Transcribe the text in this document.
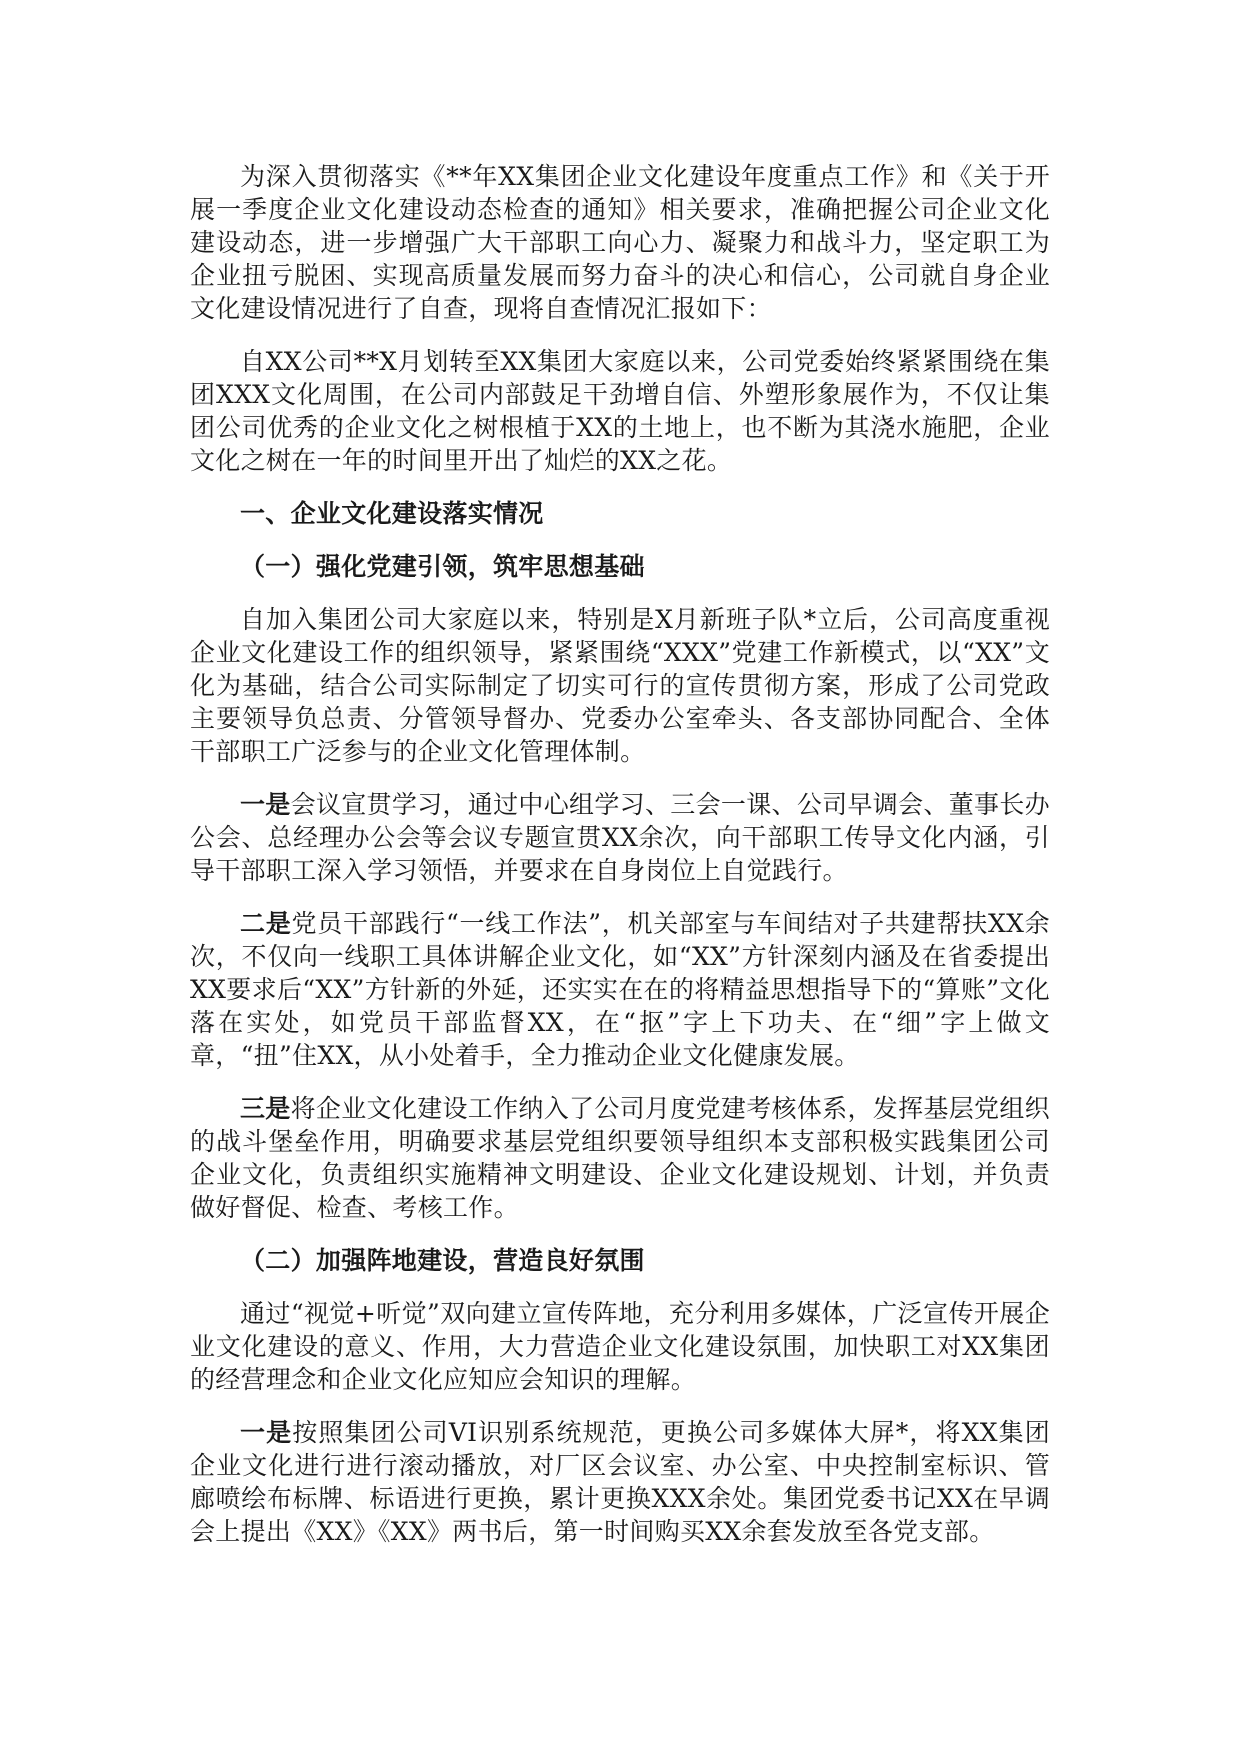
为深入贯彻落实《**年XX集团企业文化建设年度重点工作》和《关于开展一季度企业文化建设动态检查的通知》相关要求，准确把握公司企业文化建设动态，进一步增强广大干部职工向心力、凝聚力和战斗力，坚定职工为企业扭亏脱困、实现高质量发展而努力奋斗的决心和信心，公司就自身企业文化建设情况进行了自查，现将自查情况汇报如下：

自XX公司**X月划转至XX集团大家庭以来，公司党委始终紧紧围绕在集团XXX文化周围，在公司内部鼓足干劲增自信、外塑形象展作为，不仅让集团公司优秀的企业文化之树根植于XX的土地上，也不断为其浇水施肥，企业文化之树在一年的时间里开出了灿烂的XX之花。

一、企业文化建设落实情况

（一）强化党建引领，筑牢思想基础

自加入集团公司大家庭以来，特别是X月新班子队*立后，公司高度重视企业文化建设工作的组织领导，紧紧围绕“XXX”党建工作新模式，以“XX”文化为基础，结合公司实际制定了切实可行的宣传贯彻方案，形成了公司党政主要领导负总责、分管领导督办、党委办公室牵头、各支部协同配合、全体干部职工广泛参与的企业文化管理体制。

一是会议宣贯学习，通过中心组学习、三会一课、公司早调会、董事长办公会、总经理办公会等会议专题宣贯XX余次，向干部职工传导文化内涵，引导干部职工深入学习领悟，并要求在自身岗位上自觉践行。

二是党员干部践行“一线工作法”，机关部室与车间结对子共建帮扶XX余次，不仅向一线职工具体讲解企业文化，如“XX”方针深刻内涵及在省委提出XX要求后“XX”方针新的外延，还实实在在的将精益思想指导下的“算账”文化落在实处，如党员干部监督XX，在“抠”字上下功夫、在“细”字上做文章，“扭”住XX，从小处着手，全力推动企业文化健康发展。

三是将企业文化建设工作纳入了公司月度党建考核体系，发挥基层党组织的战斗堡垒作用，明确要求基层党组织要领导组织本支部积极实践集团公司企业文化，负责组织实施精神文明建设、企业文化建设规划、计划，并负责做好督促、检查、考核工作。

（二）加强阵地建设，营造良好氛围

通过“视觉+听觉”双向建立宣传阵地，充分利用多媒体，广泛宣传开展企业文化建设的意义、作用，大力营造企业文化建设氛围，加快职工对XX集团的经营理念和企业文化应知应会知识的理解。

一是按照集团公司VI识别系统规范，更换公司多媒体大屏*，将XX集团企业文化进行进行滚动播放，对厂区会议室、办公室、中央控制室标识、管廊喷绘布标牌、标语进行更换，累计更换XXX余处。集团党委书记XX在早调会上提出《XX》《XX》两书后，第一时间购买XX余套发放至各党支部。
